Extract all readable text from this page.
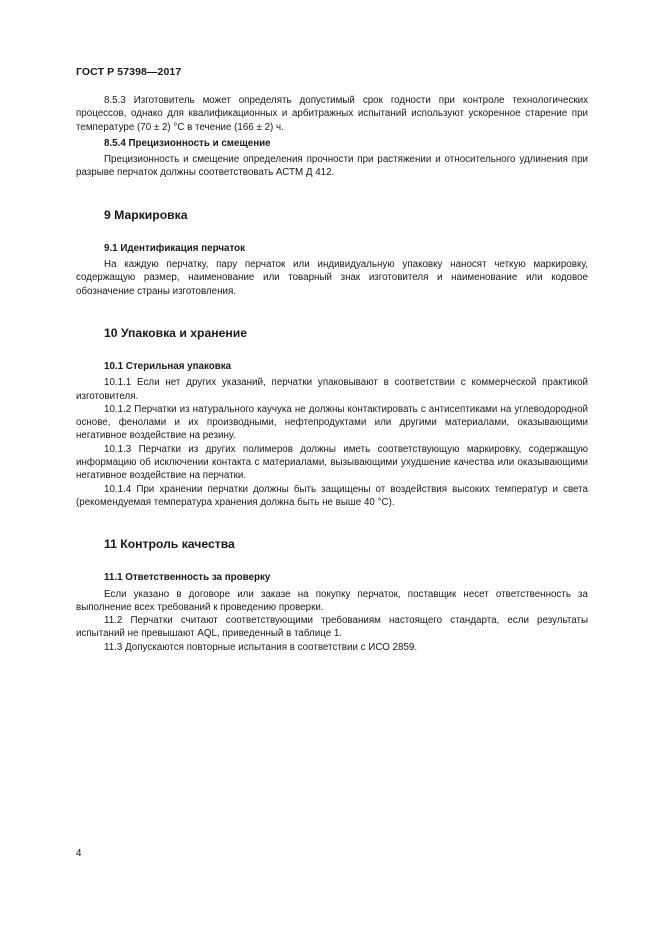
ГОСТ Р 57398—2017

8.5.3 Изготовитель может определять допустимый срок годности при контроле технологических процессов, однако для квалификационных и арбитражных испытаний используют ускоренное старение при температуре (70 ± 2) °С в течение (166 ± 2) ч.

8.5.4 Прецизионность и смещение

Прецизионность и смещение определения прочности при растяжении и относительного удлинения при разрыве перчаток должны соответствовать АСТМ Д 412.

9 Маркировка

9.1 Идентификация перчаток

На каждую перчатку, пару перчаток или индивидуальную упаковку наносят четкую маркировку, содержащую размер, наименование или товарный знак изготовителя и наименование или кодовое обозначение страны изготовления.

10 Упаковка и хранение

10.1 Стерильная упаковка

10.1.1 Если нет других указаний, перчатки упаковывают в соответствии с коммерческой практикой изготовителя.

10.1.2 Перчатки из натурального каучука не должны контактировать с антисептиками на углеводородной основе, фенолами и их производными, нефтепродуктами или другими материалами, оказывающими негативное воздействие на резину.

10.1.3 Перчатки из других полимеров должны иметь соответствующую маркировку, содержащую информацию об исключении контакта с материалами, вызывающими ухудшение качества или оказывающими негативное воздействие на перчатки.

10.1.4 При хранении перчатки должны быть защищены от воздействия высоких температур и света (рекомендуемая температура хранения должна быть не выше 40 °С).

11 Контроль качества

11.1 Ответственность за проверку

Если указано в договоре или заказе на покупку перчаток, поставщик несет ответственность за выполнение всех требований к проведению проверки.

11.2 Перчатки считают соответствующими требованиям настоящего стандарта, если результаты испытаний не превышают AQL, приведенный в таблице 1.

11.3 Допускаются повторные испытания в соответствии с ИСО 2859.

4
